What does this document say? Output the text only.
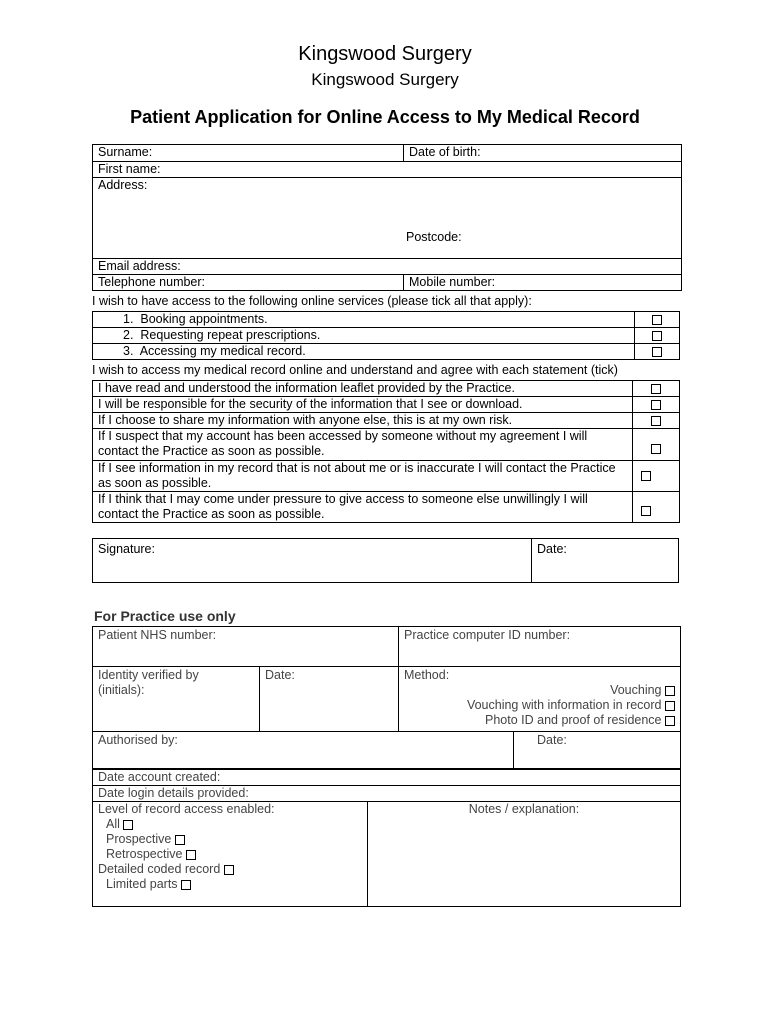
Kingswood Surgery
Kingswood Surgery
Patient Application for Online Access to My Medical Record
Surname:	Date of birth:
First name:	
Address:
Postcode:	

Email address:	
Telephone number:	Mobile number:
I wish to have access to the following online services (please tick all that apply):
1. Booking appointments.	
2. Requesting repeat prescriptions.	
3. Accessing my medical record.	
I wish to access my medical record online and understand and agree with each statement (tick)
I have read and understood the information leaflet provided by the Practice.	
I will be responsible for the security of the information that I see or download.	
If I choose to share my information with anyone else, this is at my own risk.	
If I suspect that my account has been accessed by someone without my agreement I will contact the Practice as soon as possible.	
If I see information in my record that is not about me or is inaccurate I will contact the Practice as soon as possible.	
If I think that I may come under pressure to give access to someone else unwillingly I will contact the Practice as soon as possible.	
Signature:	Date:
For Practice use only
Patient NHS number:		Practice computer ID number:

Identity verified by (initials):	Date:	Method:
Vouching
Vouching with information in record
Photo ID and proof of residence
Authorised by:	Date:
Date account created:
Date login details provided:

Level of record access enabled:
All
Prospective
Retrospective
Detailed coded record
Limited parts
	Notes / explanation:
